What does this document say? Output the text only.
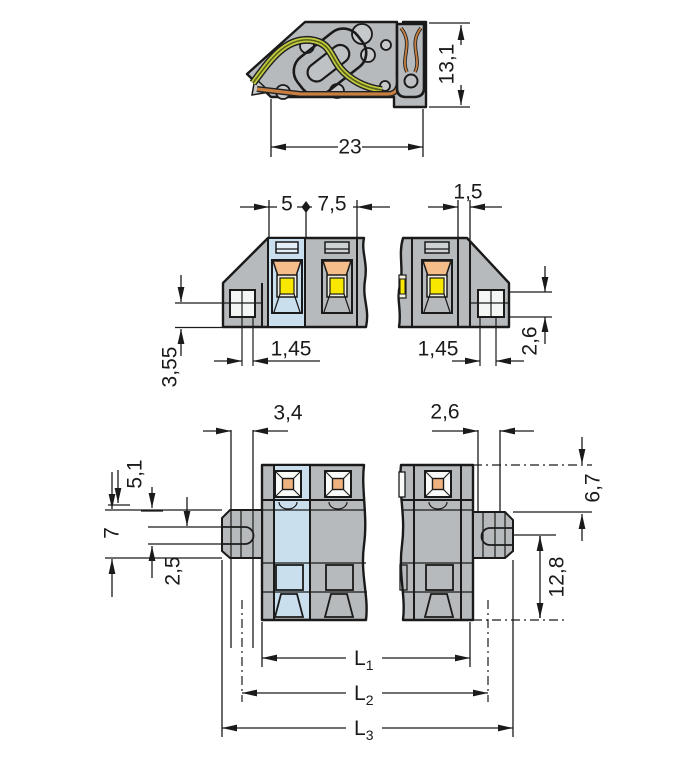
23
13,1
5 7,5
1,5
1,45	1,45	2,6
3,55
3,4	2,6
5,1
7
2,5
6,7
12,8
$L_1$
$L_2$
$L_3$
